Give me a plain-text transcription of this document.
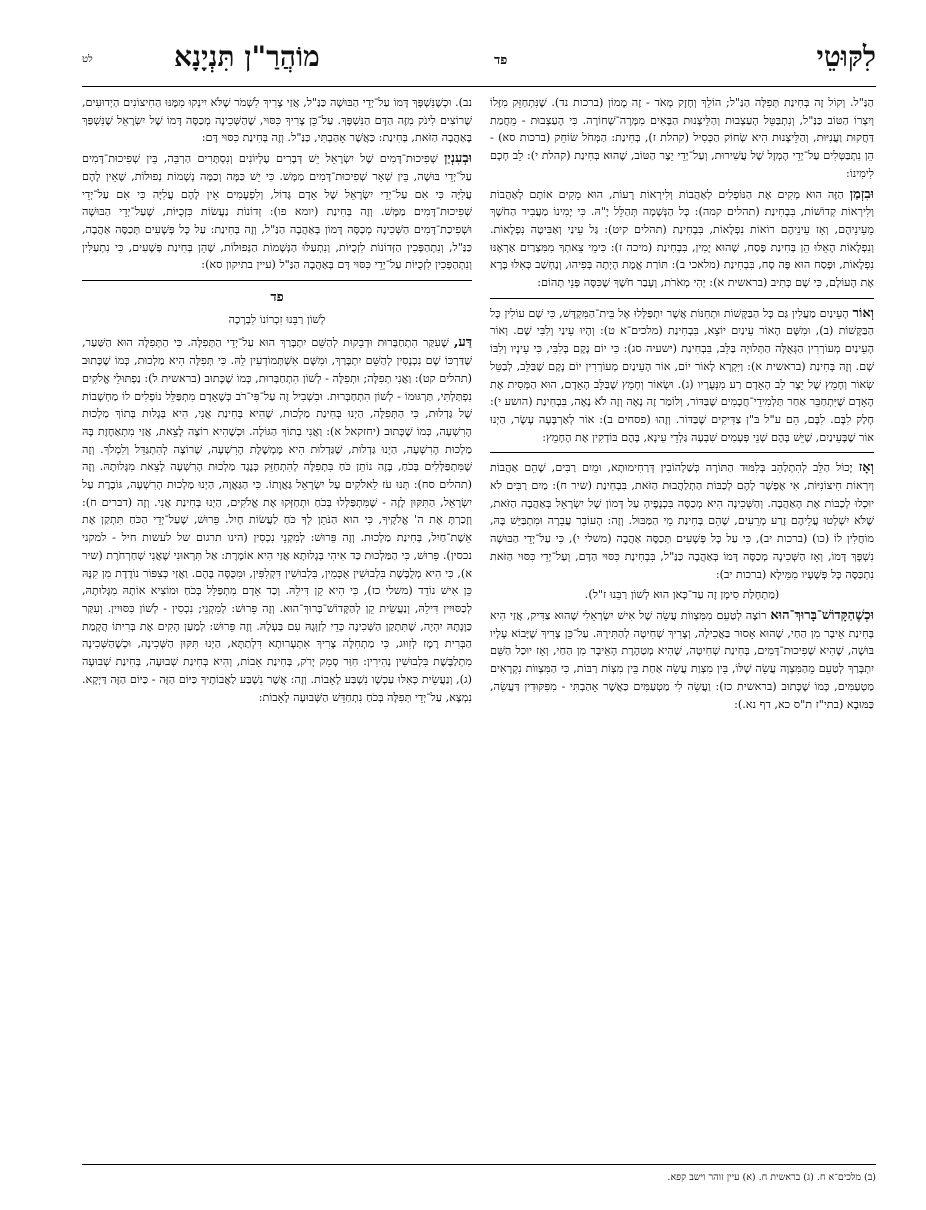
לִקּוּטֵי
פד
מוֹהֲרַ"ן תִּנְיָנָא
לט

הַנַּ"ל. וְקוֹל זֶה בְּחִינַת תְּפִלָּה הַנַּ"ל; הוֹלֵךְ וְחָזָק מְאֹד - זֶה מָמוֹן (ברכות נד). שֶׁנִּתְחַזֵּק מִזֶּלוֹ וְיִצְרוֹ הַטּוֹב כַּנַּ"ל, וְנִתְבַּטֵּל הָעַצְבוּת וְהַלֵּיצָנוּת הַבָּאִים מִמָּרָה־שְׁחוֹרָה. כִּי הָעַצְבוּת - מֵחֲמַת דַּחֲקוּת וַעֲנִיּוּת, וְהַלֵּיצָנוּת הִיא שְׂחוֹק הַכְּסִיל (קהלת ז), בְּחִינַת: הַמְּחֹל שׂוֹחֵק (ברכות סא) - הֵן נִתְבַּטְּלִים עַל־יְדֵי הֶמְזָל שֶׁל עֲשִׁירוּת, וְעַל־יְדֵי יֵצֶר הַטּוֹב, שֶׁהוּא בְּחִינַת (קהלת י): לֵב חָכָם לִימִינוֹ:

וּבִזְמַן הַזֶּה הוּא מְקִים אֶת הַנּוֹפְלִים לְאַהֲבוֹת וְלִירְאוֹת רָעוֹת, הוּא מֵקִים אוֹתָם לְאַהֲבוֹת וְלִירְאוֹת קְדוֹשׁוֹת, בִּבְחִינַת (תהלים קמה): כָּל הַנְּשָׁמָה תְּהַלֵּל יָ"הּ. כִּי יָמִינוֹ מַעֲבִיר הַחֹשֶׁךְ מֵעֵינֵיהֶם, וְאָז עֵינֵיהֶם רוֹאוֹת נִפְלָאוֹת, בִּבְחִינַת (תהלים קיט): גַּל עֵינַי וְאַבִּיטָה נִפְלָאוֹת. וְנִפְלָאוֹת הָאֵלּוּ הֵן בְּחִינַת פֶּסַח, שֶׁהוּא יָמִין, בִּבְחִינַת (מיכה ז): כִּימֵי צֵאתְךָ מִמִּצְרַיִם אַרְאֶנּוּ נִפְלָאוֹת, וּפֶסַח הוּא פֶּה סָח, בִּבְחִינַת (מלאכי ב): תּוֹרַת אֱמֶת הָיְתָה בְּפִיהוּ, וְנֶחְשַׁב כְּאִלּוּ בָּרָא אֶת הָעוֹלָם, כִּי שָׁם כְּתִיב (בראשית א): יְהִי מְאֹרֹת, וְעָבַר חֹשֶׁךְ שֶׁכִּסָּה פְּנֵי תְהוֹם:

וְאוֹר הָעֵינַיִם מַעֲלִין גַּם כָּל הַבַּקָּשׁוֹת וּתְחִנּוֹת אֲשֶׁר יִתְפַּלְּלוּ אֶל בֵּית־הַמִּקְדָּשׁ, כִּי שָׁם עוֹלִין כָּל הַבַּקָּשׁוֹת (ב), וּמִשָּׁם הָאוֹר עֵינַיִם יוֹצֵא, בִּבְחִינַת (מלכים־א ט): וְהָיוּ עֵינַי וְלִבִּי שָׁם. וְאוֹר הָעֵינַיִם מְעוֹרְרִין הַגְּאֻלָּה הַתְּלוּיָה בַּלֵּב, בִּבְחִינַת (ישעיה סג): כִּי יוֹם נָקָם בְּלִבִּי, כִּי עֵינָיו וְלִבּוֹ שָׁם. וְזֶה בְּחִינַת (בראשית א): וַיִּקְרָא לָאוֹר יוֹם, אוֹר הָעֵינַיִם מְעוֹרְרִין יוֹם נָקָם שֶׁבַּלֵּב, לְבַטֵּל שְׂאוֹר וְחָמֵץ שֶׁל יֵצֶר לֵב הָאָדָם רַע מִנְּעֻרָיו (ג). וּשְׂאוֹר וְחָמֵץ שֶׁבַּלֵּב הָאָדָם, הוּא הַמְּסִית אֶת הָאָדָם שֶׁיִּתְחַבֵּר אַחַר תַּלְמִידֵי־חֲכָמִים שֶׁבַּדּוֹר, וְלוֹמַר זֶה נָאֶה וְזֶה לֹא נָאֶה, בִּבְחִינַת (הושע י): חָלַק לִבָּם. לִבָּם, הֵם ע"ל בּ"ן צַדִּיקִים שֶׁבַּדּוֹר. וְזֶהוּ (פסחים ב): אוֹר לְאַרְבָּעָה עָשָׂר, הַיְנוּ אוֹר שֶׁבָּעֵינַיִם, שֶׁיֵּשׁ בָּהֶם שְׁנֵי פְּעָמִים שִׁבְעָה גַּלְדֵי עֵינָא, בָּהֶם בּוֹדְקִין אֶת הֶחָמֵץ:

וְאָז יָכוֹל הַלֵּב לְהִתְלַהֵב בְּלִמּוּד הַתּוֹרָה כְּשַׁלְהוֹבִין דְּרַחִימוּתָא, וּמֵיִם רַבִּים, שֶׁהֵם אַהֲבוֹת וְיִרְאוֹת חִיצוֹנִיּוֹת, אִי אֶפְשָׁר לָהֶם לְכַבּוֹת הַתְלַהֲבוּת הַזֹּאת, בִּבְחִינַת (שיר ח): מַיִם רַבִּים לֹא יוּכְלוּ לְכַבּוֹת אֶת הָאַהֲבָה. וְהַשְּׁכִינָה הִיא מְכַסָּה בִּכְנָפֶיהָ עַל דָּמוֹן שֶׁל יִשְׂרָאֵל בְּאַהֲבָה הַזֹּאת, שֶׁלֹּא יִשְׁלְטוּ עֲלֵיהֶם זֶרַע מְרֵעִים, שֶׁהֵם בְּחִינַת מֵי הַמַּבּוּל. וְזֶה: הָעוֹבֵר עֲבֵרָה וּמִתְבַּיֵּשׁ בָּהּ, מוֹחֲלִין לוֹ (כו) (ברכות יב), כִּי עַל כָּל פְּשָׁעִים תְּכַסֶּה אַהֲבָה (משלי י), כִּי עַל־יְדֵי הַבּוּשָׁה נִשְׁפָּךְ דָּמוֹ, וְאָז הַשְּׁכִינָה מְכַסָּה דָּמוֹ בְּאַהֲבָה כַּנַּ"ל, בִּבְחִינַת כִּסּוּי הַדָּם, וְעַל־יְדֵי כִּסּוּי הַזֹּאת נִתְכַּסֶּה כָּל פְּשָׁעָיו מִמֵּילָא (ברכות יב):

(מַתְחָלַת סִימָן זֶה עַד־כָּאן הוּא לְשׁוֹן רַבֵּנוּ ז"ל).

וּכְשֶׁהַקָּדוֹשׁ־בָּרוּךְ־הוּא רוֹצֶה לְטַעֵם מִמִּצְווֹת עֲשֵׂה שֶׁל אִישׁ יִשְׂרְאֵלִי שֶׁהוּא צַדִּיק, אֲזַי הִיא בְּחִינַת אֵיבָר מִן הַחַי, שֶׁהוּא אָסוּר בַּאֲכִילָה, וְצָרִיךְ שְׁחִיטָה לְהַתִּירָהּ. עַל־כֵּן צָרִיךְ שֶׁיָּבוֹא עָלָיו בּוּשָׁה, שֶׁהִיא שְׁפִיכוּת־דָּמִים, בְּחִינַת שְׁחִיטָה, שֶׁהִיא מְטַהֶרֶת הָאֵיבָר מִן הַחַי, וְאָז יוּכַל הַשֵּׁם יִתְבָּרַךְ לְטַעֵם מֵהַמִּצְוָה עֲשֵׂה שֶׁלּוֹ, בֵּין מִצְוַת עֲשֵׂה אַחַת בֵּין מִצְוֹת רַבּוֹת, כִּי הַמִּצְווֹת נִקְרָאִים מַטְעַמִּים, כְּמוֹ שֶׁכָּתוּב (בראשית כז): וַעֲשֵׂה לִי מַטְעַמִּים כַּאֲשֶׁר אָהַבְתִּי - מִפִּקּוּדִין דַּעֲשֵׂה, כַּמּוּבָא (בתי"ז ת"ס כא, דף נא.):

נב). וּכְשֶׁנִּשְׁפָּךְ דָּמוֹ עַל־יְדֵי הַבּוּשָׁה כַּנַּ"ל, אֲזַי צָרִיךְ לִשְׁמֹר שֶׁלֹּא יִינְקוּ מִמֶּנּוּ הַחִיצוֹנִים הַיְדוּעִים, שֶׁרוֹצִים לִינֹק מִזֶּה הַדָּם הַנִּשְׁפָּךְ. עַל־כֵּן צָרִיךְ כִּסּוּי, שֶׁהַשְּׁכִינָה מְכַסָּה דָּמוֹ שֶׁל יִשְׂרָאֵל שֶׁנִּשְׁפַּךְ בָּאַהֲבָה הַזֹּאת, בְּחִינַת: כַּאֲשֶׁר אָהַבְתִּי, כַּנַּ"ל. וְזֶה בְּחִינַת כִּסּוּי דָּם:

וּבְעִנְיַן שְׁפִיכוּת־דָּמִים שֶׁל יִשְׂרָאֵל יֵשׁ דְּבָרִים עֶלְיוֹנִים וְנִסְתָּרִים הַרְבֵּה, בֵּין שְׁפִיכוּת־דָּמִים עַל־יְדֵי בּוּשָׁה, בֵּין שְׁאָר שְׁפִיכוּת־דָּמִים מַמָּשׁ. כִּי יֵשׁ כַּמָּה וְכַמָּה נְשָׁמוֹת נְפוּלוֹת, שֶׁאֵין לָהֶם עֲלִיָּה כִּי אִם עַל־יְדֵי יִשְׂרָאֵל שֶׁל אָדָם גָּדוֹל, וְלִפְעָמִים אֵין לָהֶם עֲלִיָּה כִּי אִם עַל־יְדֵי שְׁפִיכוּת־דָּמִים מַמָּשׁ. וְזֶה בְּחִינַת (יומא פו): זְדוֹנוֹת נַעֲשׂוֹת כִּזְכֻיּוֹת, שֶׁעַל־יְדֵי הַבּוּשָׁה וּשְׁפִיכַת־דָּמִים הַשְּׁכִינָה מְכַסָּה דָּמוֹן בְּאַהֲבָה הַנַּ"ל, וְזֶה בְּחִינַת: עַל כָּל פְּשָׁעִים תְּכַסֶּה אַהֲבָה, כַּנַּ"ל, וְנִתְהַפְּכִין הַזְּדוֹנוֹת לִזְכֻיּוֹת, וְנִתְעַלּוּ הַנְּשָׁמוֹת הַנְּפוּלוֹת, שֶׁהֵן בְּחִינַת פְּשָׁעִים, כִּי נִתְעַלִּין וְנִתְהַפְּכִין לִזְכֻיּוֹת עַל־יְדֵי כִּסּוּי דָּם בְּאַהֲבָה הַנַּ"ל (עיין בתיקון סא):

פד
לְשׁוֹן רַבֵּנוּ זִכְרוֹנוֹ לִבְרָכָה

דַּע, שֶׁעִקַּר הִתְחַבְּרוּת וּדְבֵקוּת לְהַשֵּׁם יִתְבָּרַךְ הוּא עַל־יְדֵי הַתְּפִלָּה. כִּי הַתְּפִלָּה הוּא הַשַּׁעַר, שֶׁדַּרְכּוֹ שָׁם נִכְנָסִין לְהַשֵּׁם יִתְבָּרַךְ, וּמִשָּׁם אִשְׁתְּמוֹדְעִין לֵהּ. כִּי תְּפִלָּה הִיא מַלְכוּת, כְּמוֹ שֶׁכָּתוּב (תהלים קט): וַאֲנִי תְפִלָּה; וּתְפִלָּה - לְשׁוֹן הִתְחַבְּרוּת, כְּמוֹ שֶׁכָּתוּב (בראשית ל): נַפְתּוּלֵי אֱלֹקִים נִפְתַּלְתִּי, תַּרְגּוּמוֹ - לְשׁוֹן הִתְחַבְּרוּת. וּבִשְׁבִיל זֶה עַל־פִּי־רֹב כְּשֶׁאָדָם מִתְפַּלֵּל נוֹפְלִים לוֹ מַחְשָׁבוֹת שֶׁל גַּדְלוּת, כִּי הַתְּפִלָּה, הַיְנוּ בְּחִינַת מַלְכוּת, שֶׁהִיא בְּחִינַת אֲנִי, הִיא בְּגָלוּת בְּתוֹךְ מַלְכוּת הָרִשְׁעָה, כְּמוֹ שֶׁכָּתוּב (יחזקאל א): וַאֲנִי בְתוֹךְ הַגּוֹלָה. וּכְשֶׁהִיא רוֹצָה לָצֵאת, אֲזַי מִתְאַחֶזֶת בָּהּ מַלְכוּת הָרִשְׁעָה, הַיְנוּ גַּדְלוּת, שֶׁגַּדְלוּת הִיא מֶמְשֶׁלֶת הָרִשְׁעָה, שֶׁרוֹצָה לְהִתְגַּדֵּל וְלִמְלֹךְ. וְזֶה שֶׁמִּתְפַּלְּלִים בְּכֹחַ, בָּזֶה נוֹתֵן כֹּחַ בִּתְפִלָּה לְהִתְחַזֵּק כְּנֶגֶד מַלְכוּת הָרִשְׁעָה לָצֵאת מִגָּלוּתָהּ. וְזֶה (תהלים סח): תְּנוּ עֹז לֵאלֹקִים עַל יִשְׂרָאֵל גַּאֲוָתוֹ. כִּי הַגַּאֲוָה, הַיְנוּ מַלְכוּת הָרִשְׁעָה, גּוֹבֶרֶת עַל יִשְׂרָאֵל, הַתִּקּוּן לָזֶה - שֶׁמִּתְפַּלְּלוּ בְּכֹחַ וּתְחַזְּקוּ אֶת אֱלֹקִים, הַיְנוּ בְּחִינַת אֲנִי. וְזֶה (דברים ח): וְזָכַרְתָּ אֶת ה' אֱלֹקֶיךָ, כִּי הוּא הַנֹּתֵן לְךָ כֹּחַ לַעֲשׂוֹת חָיִל. פֵּרוּשׁ, שֶׁעַל־יְדֵי הַכֹּחַ תִּתְקַן אֶת אֵשֶׁת־חַיִל, בְּחִינַת מַלְכוּת. וְזֶה פֵּרוּשׁ: לְמִקְנֵי נִכְסִין (הינו תרגום של לעשות חיל - למקני נכסין). פֵּרוּשׁ, כִּי הַמַּלְכוּת כַּד אִיהִי בְּגָלוּתָא אֲזַי הִיא אוֹמֶרֶת: אַל תִּרְאוּנִי שֶׁאֲנִי שְׁחַרְחֹרֶת (שיר א), כִּי הִיא מְלֻבֶּשֶׁת בִּלְבוּשִׁין אֻכָּמִין, בִּלְבוּשִׁין דִּקְלִפִּין, וּמִכֻּסָּה בָּהֶם. וַאֲזַי כְּצִפּוֹר נוֹדֶדֶת מִן קִנָּהּ כֵּן אִישׁ נוֹדֵד (משלי כז), כִּי הִיא קֵן דִּילֵהּ. וְכַד אָדָם מִתְפַּלֵּל בְּכֹחַ וּמוֹצִיא אוֹתָהּ מִגָּלוּתָהּ, לְכַסּוּיִין דִּילֵהּ, וְנַעֲשֵׂית קֵן לְהַקָּדוֹשׁ־בָּרוּךְ־הוּא. וְזֶה פֵּרוּשׁ: לְמִקְנֵי; נִכְסִין - לְשׁוֹן כִּסּוּיִין. וְעִקַּר כַּוָּנָתָהּ יִהְיֶה, שֶׁתִּתְקַן הַשְּׁכִינָה כְּדֵי לְזַוְּגָהּ עִם בַּעְלָהּ. וְזֶה פֵּרוּשׁ: לְמַעַן הָקִים אֶת בְּרִיתוֹ הֲקָמַת הַבְּרִית רֶמֶז לְזִוּוּג, כִּי מַתְחִלָּה צָרִיךְ אִתְעָרוּתָא דִּלְתַתָּא, הַיְנוּ תִּקּוּן הַשְּׁכִינָה, וּכְשֶׁהַשְּׁכִינָה מִתְלַבֶּשֶׁת בִּלְבוּשִׁין נְהִירִין: חִוַּר סָמֵק יָרֹק, בְּחִינַת אָבוֹת, וְהִיא בְּחִינַת שְׁבוּעָה, בְּחִינַת שְׁבוּעָה (ג), וְנַעֲשֵׂית כְּאִלּוּ עַכְשָׁו נִשְׁבַּע לָאָבוֹת. וְזֶה: אֲשֶׁר נִשְׁבַּע לַאֲבוֹתֶיךָ כַּיּוֹם הַזֶּה - כַּיּוֹם הַזֶּה דַּיְקָא. נִמְצָא, עַל־יְדֵי תְּפִלָּה בְּכֹחַ נִתְחַדֵּשׁ הַשְּׁבוּעָה לָאָבוֹת:

(ב) מלכים־א ח. (ג) בראשית ח. (א) עיין זוהר וישב קפא.
